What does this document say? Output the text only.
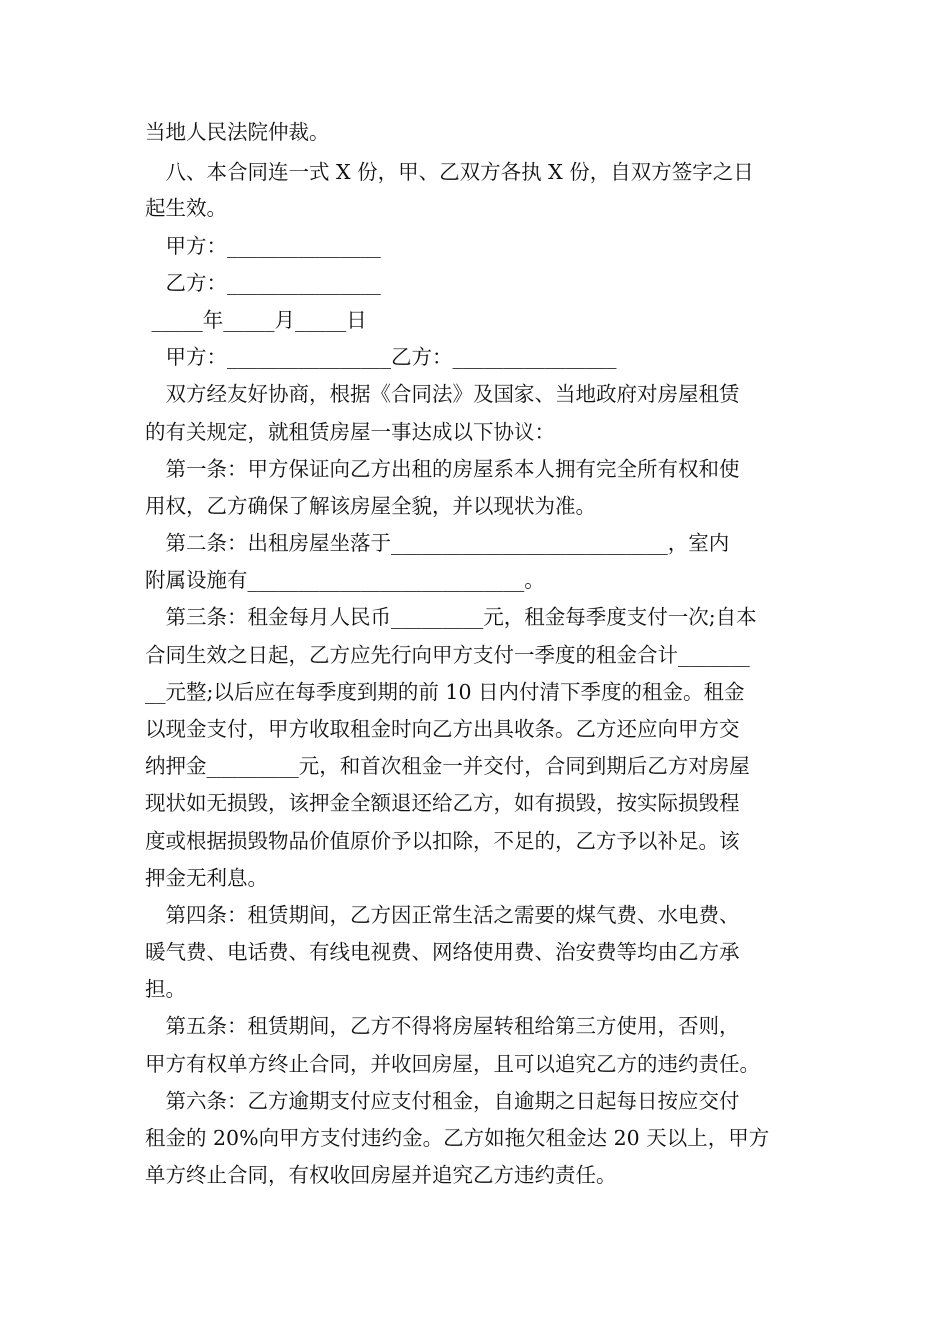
当地人民法院仲裁。
　八、本合同连一式 X 份，甲、乙双方各执 X 份，自双方签字之日
起生效。
　甲方：_______________
　乙方：_______________
_____年_____月_____日
　甲方：________________乙方：________________
　双方经友好协商，根据《合同法》及国家、当地政府对房屋租赁
的有关规定，就租赁房屋一事达成以下协议：
　第一条：甲方保证向乙方出租的房屋系本人拥有完全所有权和使
用权，乙方确保了解该房屋全貌，并以现状为准。
　第二条：出租房屋坐落于___________________________，室内
附属设施有___________________________。
　第三条：租金每月人民币_________元，租金每季度支付一次;自本
合同生效之日起，乙方应先行向甲方支付一季度的租金合计_______
__元整;以后应在每季度到期的前 10 日内付清下季度的租金。租金
以现金支付，甲方收取租金时向乙方出具收条。乙方还应向甲方交
纳押金_________元，和首次租金一并交付，合同到期后乙方对房屋
现状如无损毁，该押金全额退还给乙方，如有损毁，按实际损毁程
度或根据损毁物品价值原价予以扣除，不足的，乙方予以补足。该
押金无利息。
　第四条：租赁期间，乙方因正常生活之需要的煤气费、水电费、
暖气费、电话费、有线电视费、网络使用费、治安费等均由乙方承
担。
　第五条：租赁期间，乙方不得将房屋转租给第三方使用，否则，
甲方有权单方终止合同，并收回房屋，且可以追究乙方的违约责任。
　第六条：乙方逾期支付应支付租金，自逾期之日起每日按应交付
租金的 20%向甲方支付违约金。乙方如拖欠租金达 20 天以上，甲方
单方终止合同，有权收回房屋并追究乙方违约责任。
